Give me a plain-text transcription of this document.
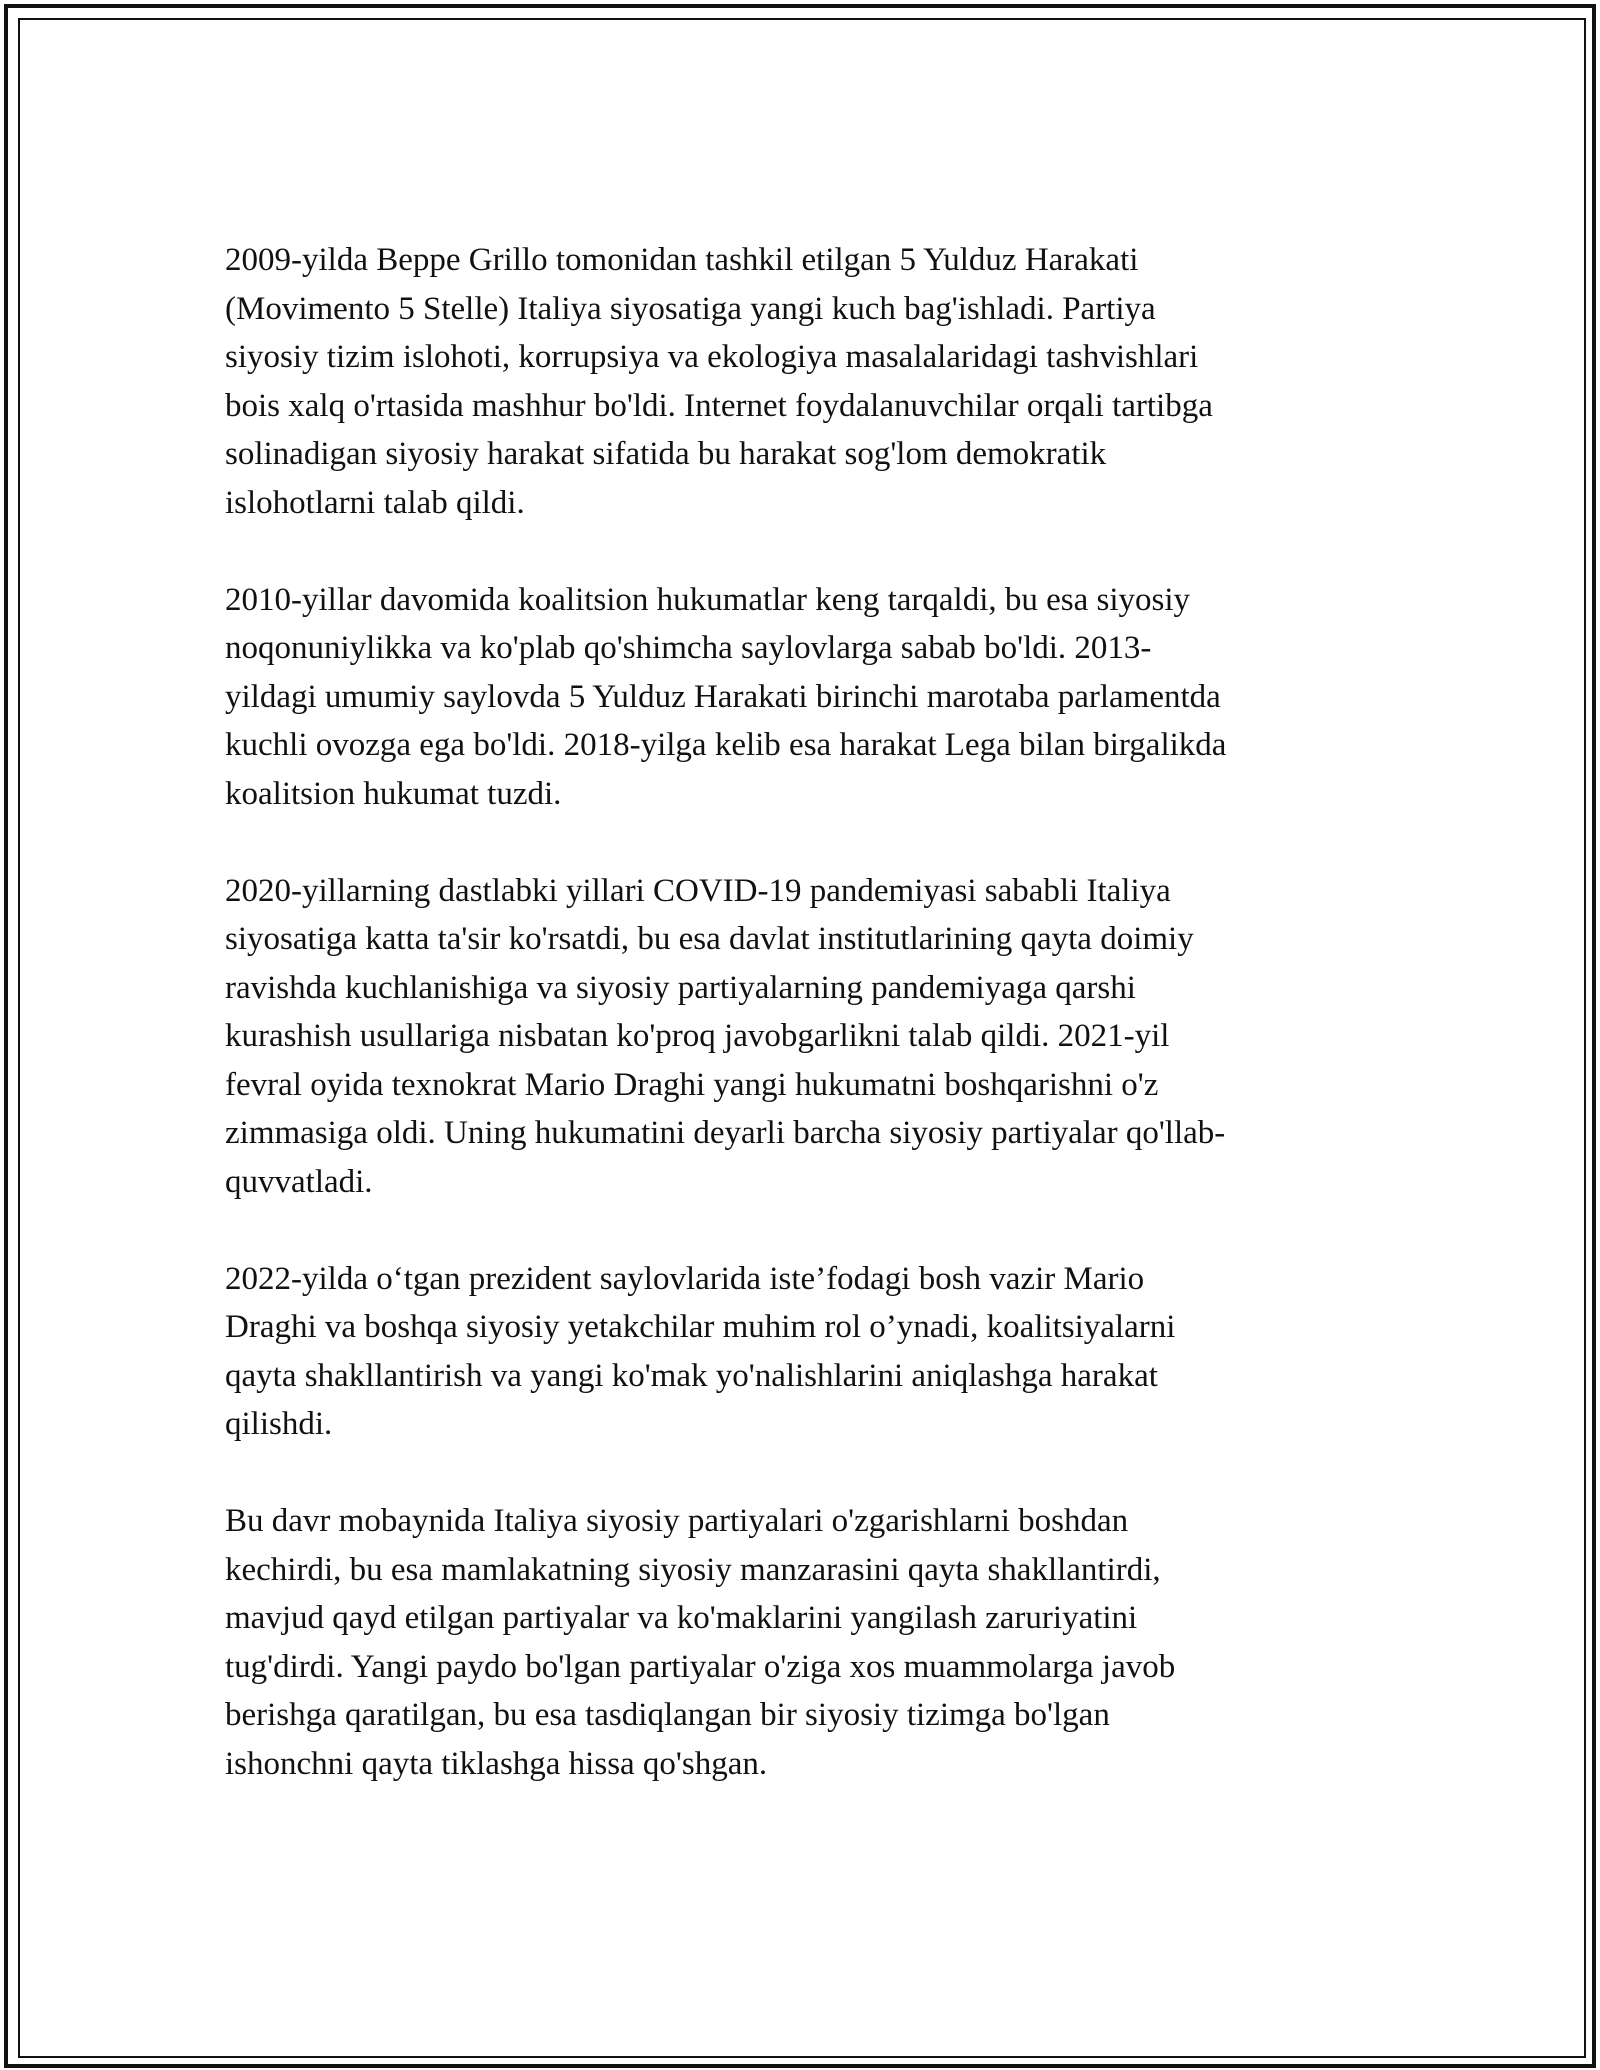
2009-yilda Beppe Grillo tomonidan tashkil etilgan 5 Yulduz Harakati
(Movimento 5 Stelle) Italiya siyosatiga yangi kuch bag'ishladi. Partiya
siyosiy tizim islohoti, korrupsiya va ekologiya masalalaridagi tashvishlari
bois xalq o'rtasida mashhur bo'ldi. Internet foydalanuvchilar orqali tartibga
solinadigan siyosiy harakat sifatida bu harakat sog'lom demokratik
islohotlarni talab qildi.

2010-yillar davomida koalitsion hukumatlar keng tarqaldi, bu esa siyosiy
noqonuniylikka va ko'plab qo'shimcha saylovlarga sabab bo'ldi. 2013-
yildagi umumiy saylovda 5 Yulduz Harakati birinchi marotaba parlamentda
kuchli ovozga ega bo'ldi. 2018-yilga kelib esa harakat Lega bilan birgalikda
koalitsion hukumat tuzdi.

2020-yillarning dastlabki yillari COVID-19 pandemiyasi sababli Italiya
siyosatiga katta ta'sir ko'rsatdi, bu esa davlat institutlarining qayta doimiy
ravishda kuchlanishiga va siyosiy partiyalarning pandemiyaga qarshi
kurashish usullariga nisbatan ko'proq javobgarlikni talab qildi. 2021-yil
fevral oyida texnokrat Mario Draghi yangi hukumatni boshqarishni o'z
zimmasiga oldi. Uning hukumatini deyarli barcha siyosiy partiyalar qo'llab-
quvvatladi.

2022-yilda o‘tgan prezident saylovlarida iste’fodagi bosh vazir Mario
Draghi va boshqa siyosiy yetakchilar muhim rol o’ynadi, koalitsiyalarni
qayta shakllantirish va yangi ko'mak yo'nalishlarini aniqlashga harakat
qilishdi.

Bu davr mobaynida Italiya siyosiy partiyalari o'zgarishlarni boshdan
kechirdi, bu esa mamlakatning siyosiy manzarasini qayta shakllantirdi,
mavjud qayd etilgan partiyalar va ko'maklarini yangilash zaruriyatini
tug'dirdi. Yangi paydo bo'lgan partiyalar o'ziga xos muammolarga javob
berishga qaratilgan, bu esa tasdiqlangan bir siyosiy tizimga bo'lgan
ishonchni qayta tiklashga hissa qo'shgan.
